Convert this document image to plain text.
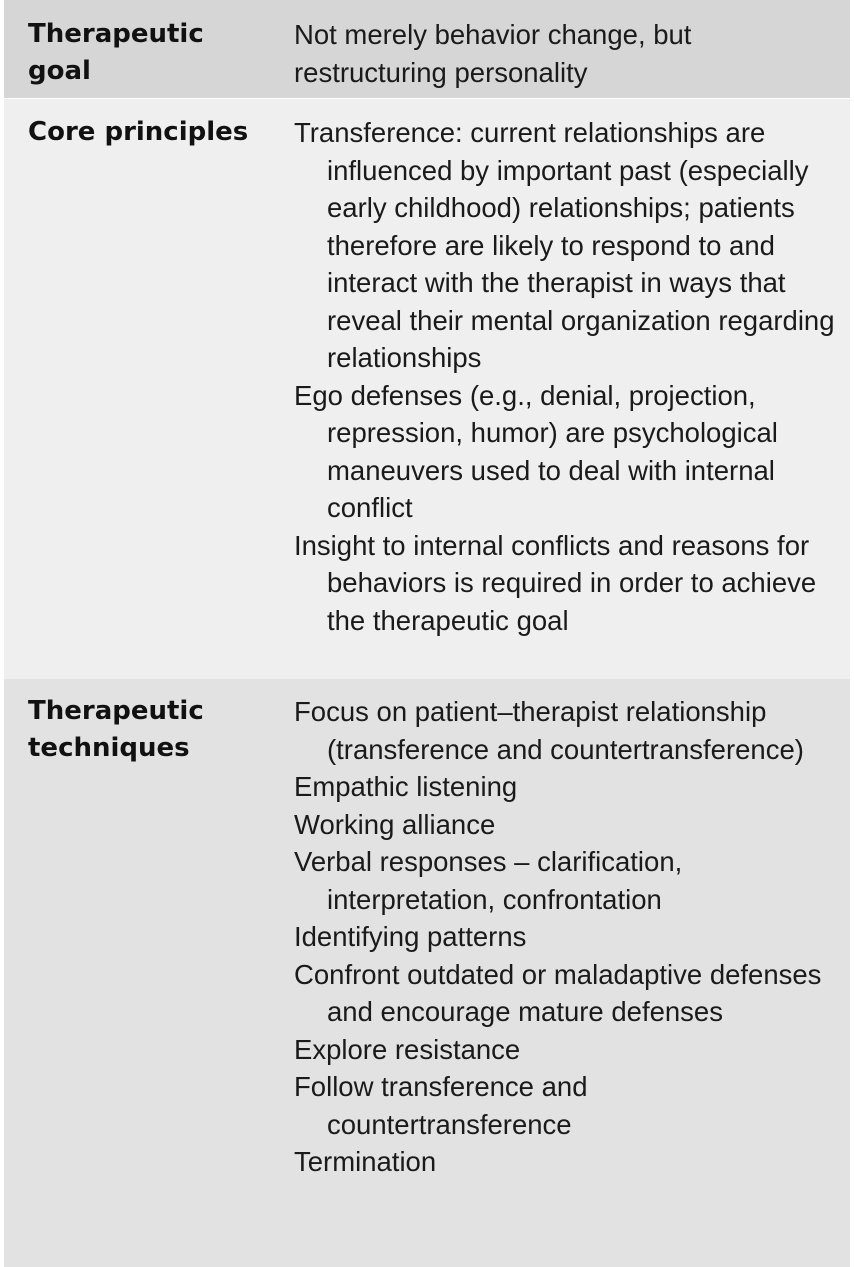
Therapeutic goal
Not merely behavior change, but restructuring personality
Core principles	Transference: current relationships are influenced by important past (especially early childhood) relationships; patients therefore are likely to respond to and interact with the therapist in ways that reveal their mental organization regarding relationships
Ego defenses (e.g., denial, projection, repression, humor) are psychological maneuvers used to deal with internal conflict
Insight to internal conflicts and reasons for behaviors is required in order to achieve the therapeutic goal
Therapeutic techniques
Focus on patient–therapist relationship (transference and countertransference)
Empathic listening
Working alliance
Verbal responses – clarification, interpretation, confrontation
Identifying patterns
Confront outdated or maladaptive defenses and encourage mature defenses
Explore resistance
Follow transference and countertransference
Termination
